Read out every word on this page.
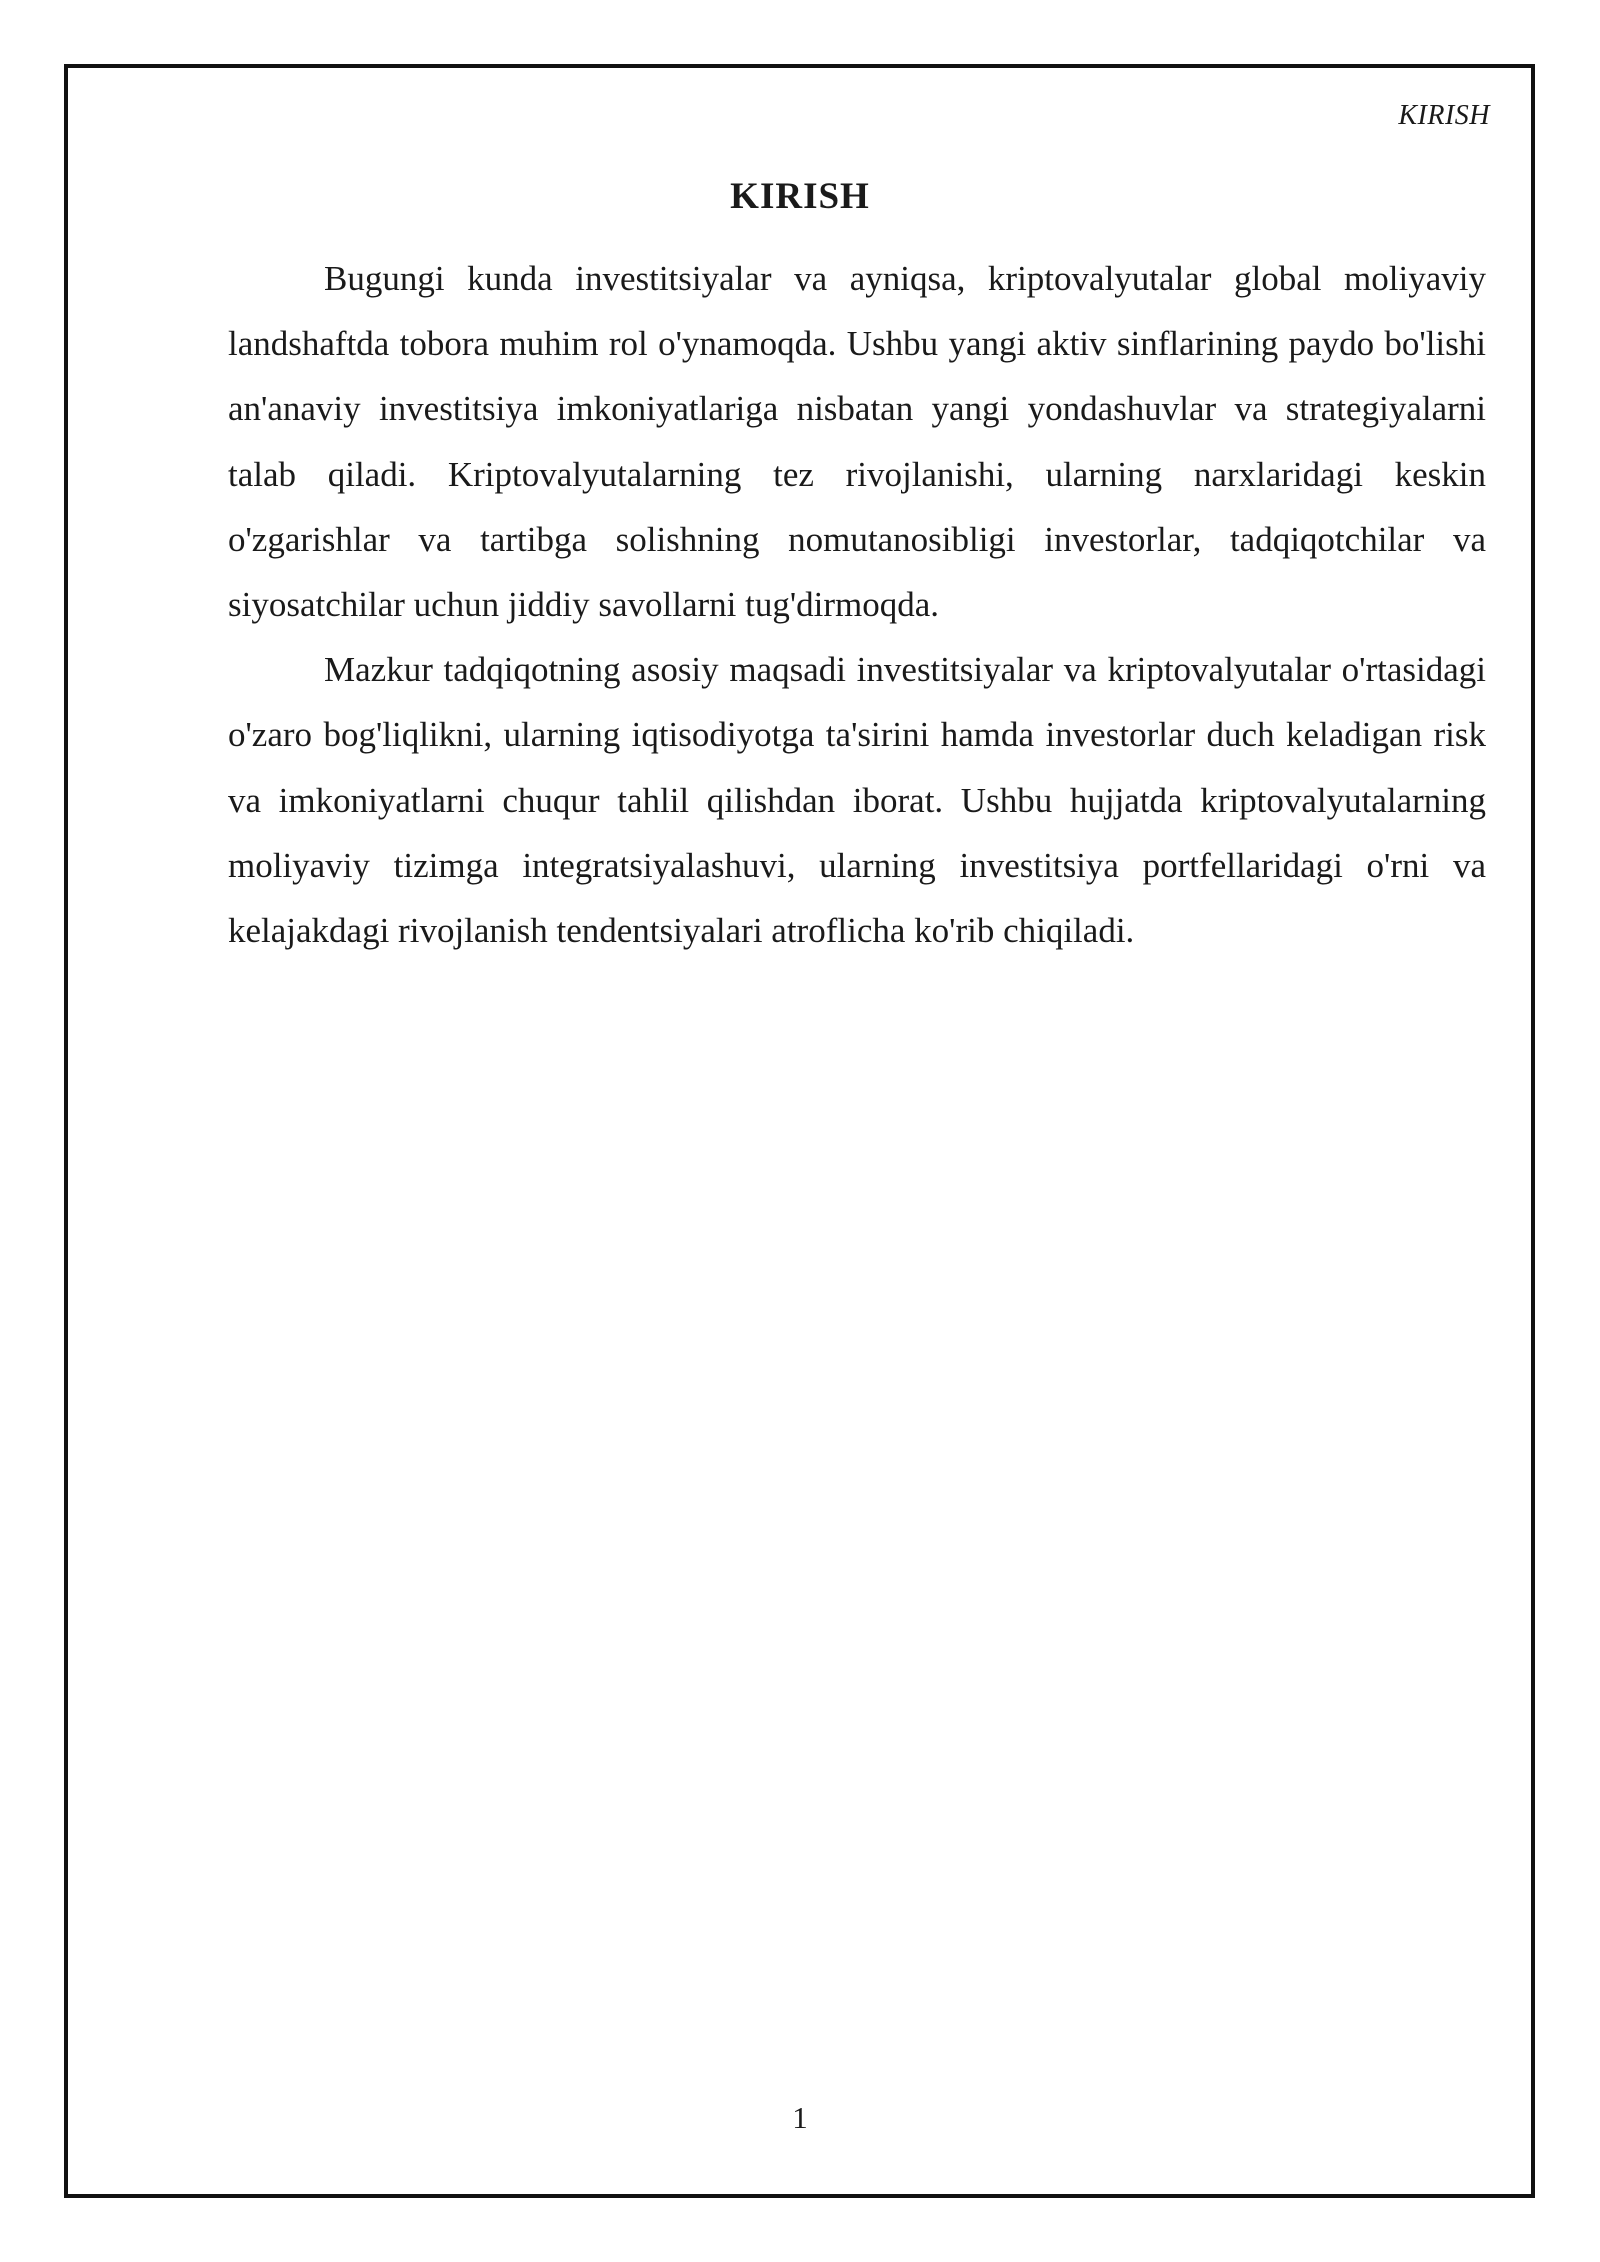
KIRISH
KIRISH

Bugungi kunda investitsiyalar va ayniqsa, kriptovalyutalar global moliyaviy landshaftda tobora muhim rol o'ynamoqda. Ushbu yangi aktiv sinflarining paydo bo'lishi an'anaviy investitsiya imkoniyatlariga nisbatan yangi yondashuvlar va strategiyalarni talab qiladi. Kriptovalyutalarning tez rivojlanishi, ularning narxlaridagi keskin o'zgarishlar va tartibga solishning nomutanosibligi investorlar, tadqiqotchilar va siyosatchilar uchun jiddiy savollarni tug'dirmoqda.

Mazkur tadqiqotning asosiy maqsadi investitsiyalar va kriptovalyutalar o'rtasidagi o'zaro bog'liqlikni, ularning iqtisodiyotga ta'sirini hamda investorlar duch keladigan risk va imkoniyatlarni chuqur tahlil qilishdan iborat. Ushbu hujjatda kriptovalyutalarning moliyaviy tizimga integratsiyalashuvi, ularning investitsiya portfellaridagi o'rni va kelajakdagi rivojlanish tendentsiyalari atroflicha ko'rib chiqiladi.

1
